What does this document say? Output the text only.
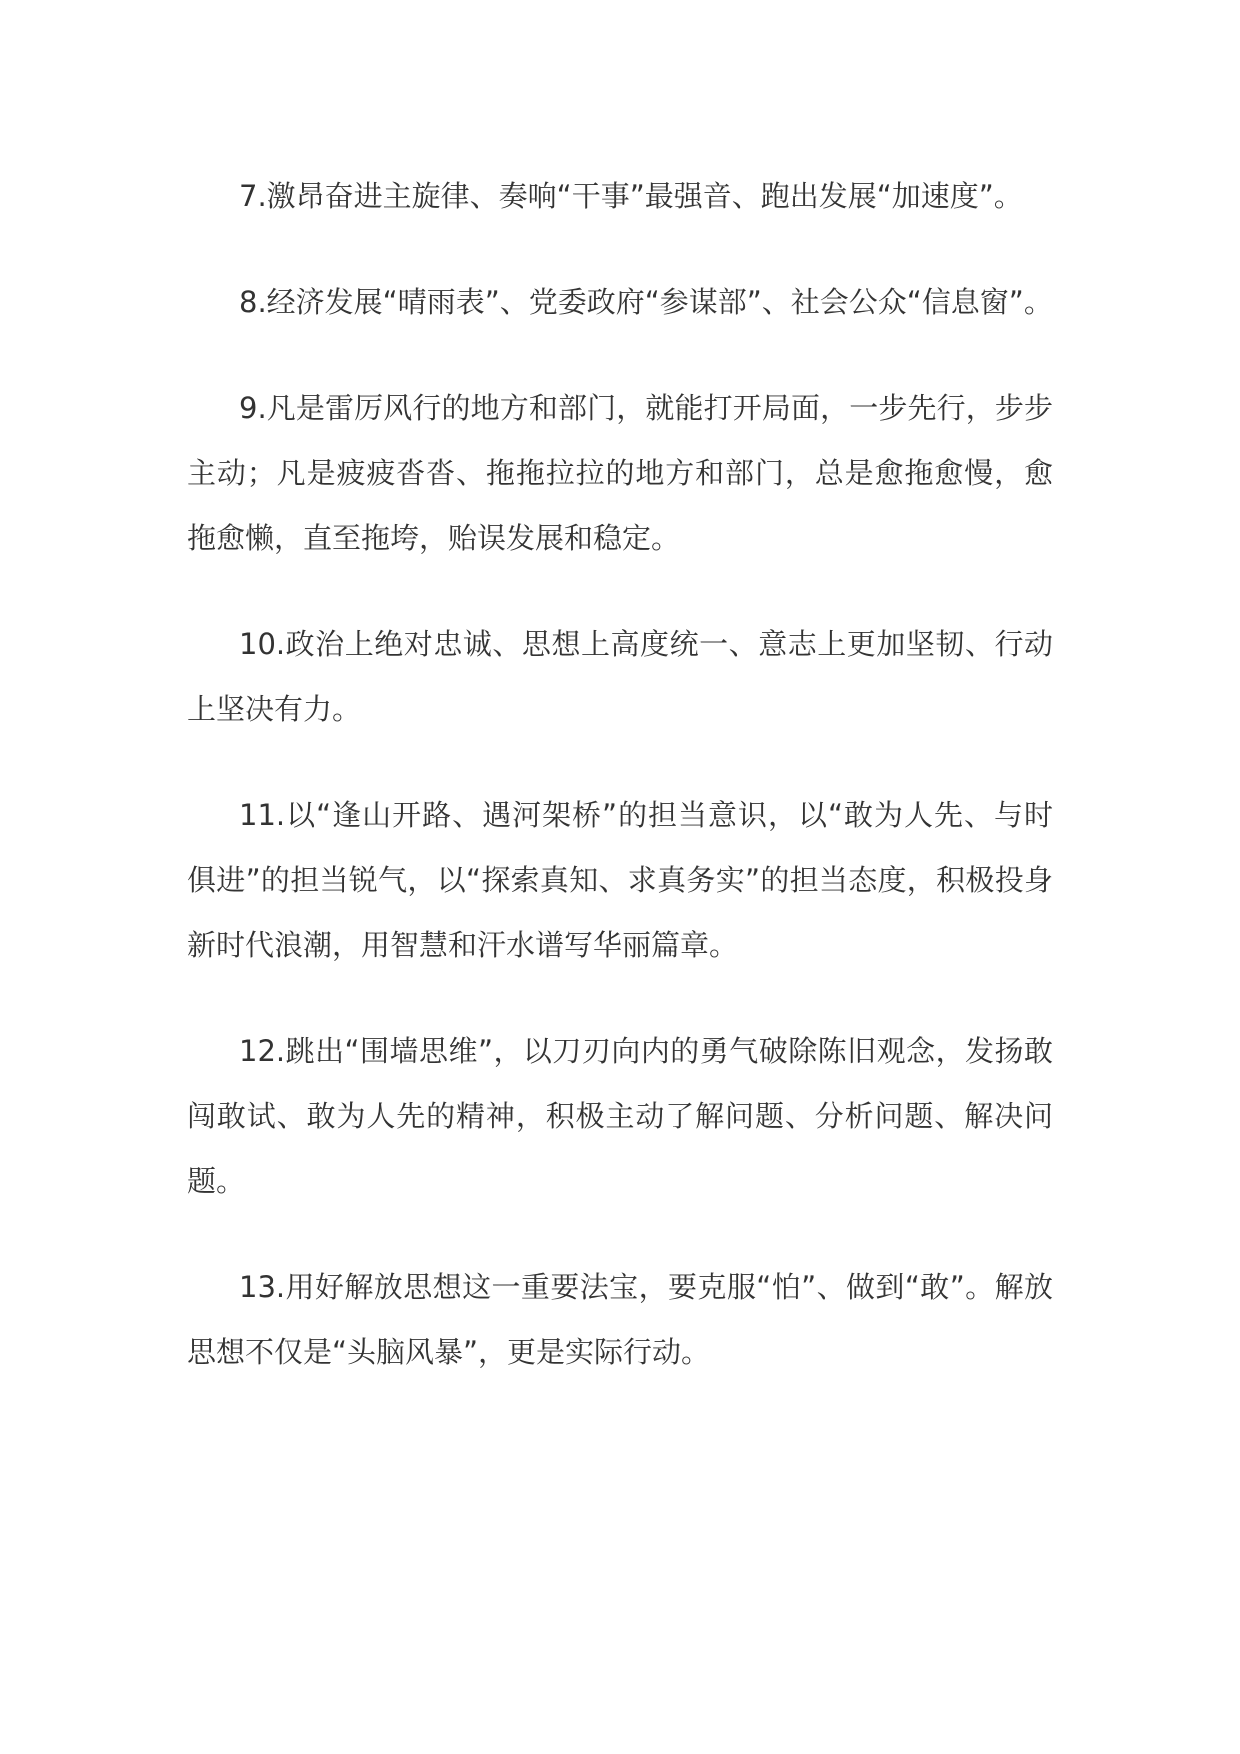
7.激昂奋进主旋律、奏响“干事”最强音、跑出发展“加速度”。

8.经济发展“晴雨表”、党委政府“参谋部”、社会公众“信息窗”。

9.凡是雷厉风行的地方和部门，就能打开局面，一步先行，步步主动；凡是疲疲沓沓、拖拖拉拉的地方和部门，总是愈拖愈慢，愈拖愈懒，直至拖垮，贻误发展和稳定。

10.政治上绝对忠诚、思想上高度统一、意志上更加坚韧、行动上坚决有力。

11.以“逢山开路、遇河架桥”的担当意识，以“敢为人先、与时俱进”的担当锐气，以“探索真知、求真务实”的担当态度，积极投身新时代浪潮，用智慧和汗水谱写华丽篇章。

12.跳出“围墙思维”，以刀刃向内的勇气破除陈旧观念，发扬敢闯敢试、敢为人先的精神，积极主动了解问题、分析问题、解决问题。

13.用好解放思想这一重要法宝，要克服“怕”、做到“敢”。解放思想不仅是“头脑风暴”，更是实际行动。
